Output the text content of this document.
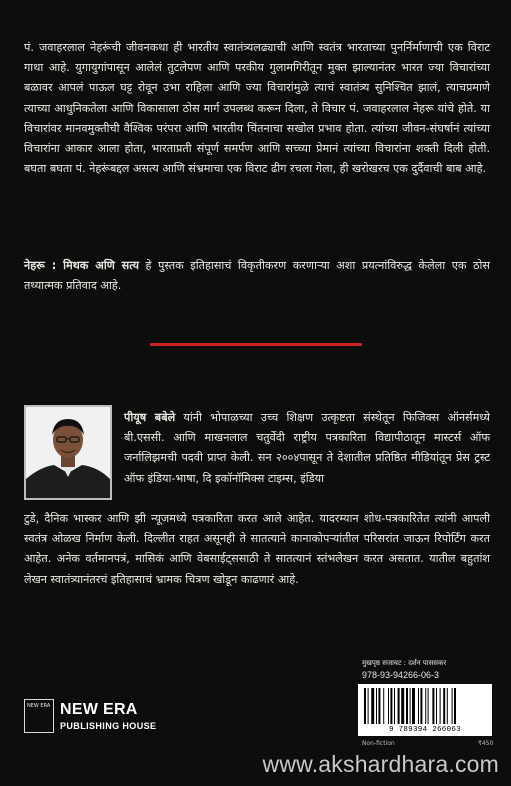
पं. जवाहरलाल नेहरूंची जीवनकथा ही भारतीय स्वातंत्र्यलढ्याची आणि स्वतंत्र भारताच्या पुनर्निर्माणाची एक विराट गाथा आहे. युगायुगांपासून आलेलं तुटलेपण आणि परकीय गुलामगिरीतून मुक्त झाल्यानंतर भारत ज्या विचारांच्या बळावर आपलं पाऊल घट्ट रोवून उभा राहिला आणि ज्या विचारांमुळे त्याचं स्वातंत्र्य सुनिश्चित झालं, त्याचप्रमाणे त्याच्या आधुनिकतेला आणि विकासाला ठोस मार्ग उपलब्ध करून दिला, ते विचार पं. जवाहरलाल नेहरू यांचे होते. या विचारांवर मानवमुक्तीची वैश्विक परंपरा आणि भारतीय चिंतनाचा सखोल प्रभाव होता. त्यांच्या जीवन-संघर्षानं त्यांच्या विचारांना आकार आला होता, भारताप्रती संपूर्ण समर्पण आणि सच्च्या प्रेमानं त्यांच्या विचारांना शक्ती दिली होती. बघता बघता पं. नेहरूंबद्दल असत्य आणि संभ्रमाचा एक विराट ढीग रचला गेला, ही खरोखरच एक दुर्दैवाची बाब आहे.

नेहरू : मिथक अणि सत्य हे पुस्तक इतिहासाचं विकृतीकरण करणाऱ्या अशा प्रयत्नांविरुद्ध केलेला एक ठोस तथ्यात्मक प्रतिवाद आहे.

पीयूष बबेले यांनी भोपाळच्या उच्च शिक्षण उत्कृष्टता संस्थेतून फिजिक्स ऑनर्समध्ये बी.एससी. आणि माखनलाल चतुर्वेदी राष्ट्रीय पत्रकारिता विद्यापीठातून मास्टर्स ऑफ जर्नालिझमची पदवी प्राप्त केली. सन २००४पासून ते देशातील प्रतिष्ठित मीडियांतून प्रेस ट्रस्ट ऑफ इंडिया-भाषा, दि इकॉनॉमिक्स टाइम्स, इंडिया

टुडे, दैनिक भास्कर आणि झी न्यूजमध्ये पत्रकारिता करत आले आहेत. यादरम्यान शोध-पत्रकारितेत त्यांनी आपली स्वतंत्र ओळख निर्माण केली. दिल्लीत राहत असूनही ते सातत्याने कानाकोपऱ्यांतील परिसरांत जाऊन रिपोर्टिंग करत आहेत. अनेक वर्तमानपत्रं, मासिकं आणि वेबसाईट्ससाठी ते सातत्यानं स्तंभलेखन करत असतात. यातील बहुतांश लेखन स्वातंत्र्यानंतरचं इतिहासाचं भ्रामक चित्रण खोडून काढणारं आहे.

NEW ERA NEW ERA
PUBLISHING HOUSE
मुखपृष्ठ सजावट : दर्शन पाससकर
978-93-94266-06-3
9 789394 266063
Non-fiction	₹450
www.akshardhara.com
